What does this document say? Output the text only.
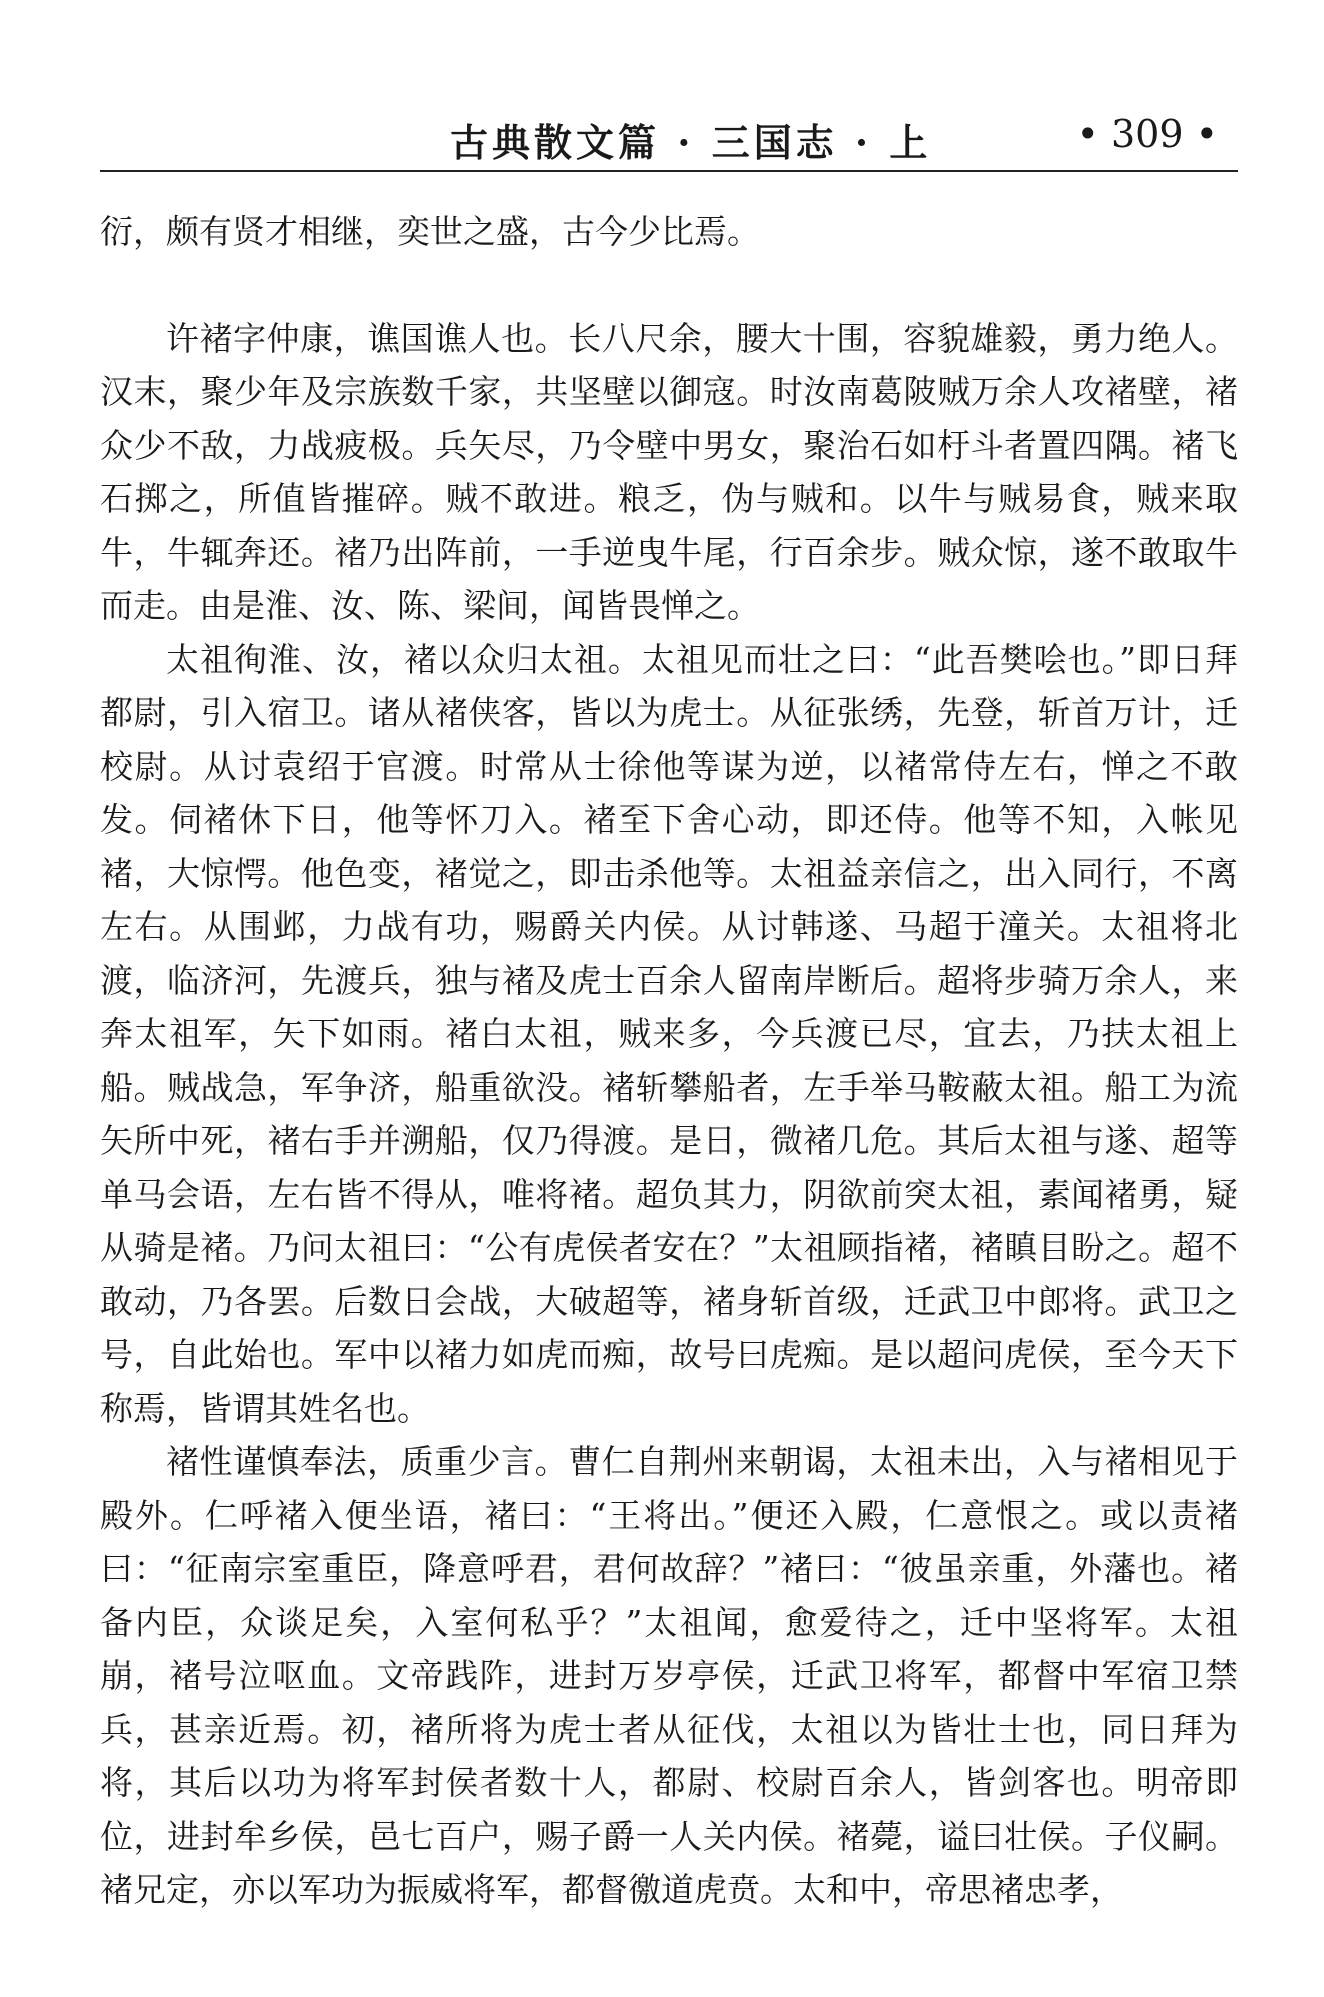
古典散文篇 · 三国志 · 上	• 309 •

衍，颇有贤才相继，奕世之盛，古今少比焉。

许褚字仲康，谯国谯人也。长八尺余，腰大十围，容貌雄毅，勇力绝人。汉末，聚少年及宗族数千家，共坚壁以御寇。时汝南葛陂贼万余人攻褚壁，褚众少不敌，力战疲极。兵矢尽，乃令壁中男女，聚治石如杅斗者置四隅。褚飞石掷之，所值皆摧碎。贼不敢进。粮乏，伪与贼和。以牛与贼易食，贼来取牛，牛辄奔还。褚乃出阵前，一手逆曳牛尾，行百余步。贼众惊，遂不敢取牛而走。由是淮、汝、陈、梁间，闻皆畏惮之。

太祖徇淮、汝，褚以众归太祖。太祖见而壮之曰：“此吾樊哙也。”即日拜都尉，引入宿卫。诸从褚侠客，皆以为虎士。从征张绣，先登，斩首万计，迁校尉。从讨袁绍于官渡。时常从士徐他等谋为逆，以褚常侍左右，惮之不敢发。伺褚休下日，他等怀刀入。褚至下舍心动，即还侍。他等不知，入帐见褚，大惊愕。他色变，褚觉之，即击杀他等。太祖益亲信之，出入同行，不离左右。从围邺，力战有功，赐爵关内侯。从讨韩遂、马超于潼关。太祖将北渡，临济河，先渡兵，独与褚及虎士百余人留南岸断后。超将步骑万余人，来奔太祖军，矢下如雨。褚白太祖，贼来多，今兵渡已尽，宜去，乃扶太祖上船。贼战急，军争济，船重欲没。褚斩攀船者，左手举马鞍蔽太祖。船工为流矢所中死，褚右手并溯船，仅乃得渡。是日，微褚几危。其后太祖与遂、超等单马会语，左右皆不得从，唯将褚。超负其力，阴欲前突太祖，素闻褚勇，疑从骑是褚。乃问太祖曰：“公有虎侯者安在？”太祖顾指褚，褚瞋目盼之。超不敢动，乃各罢。后数日会战，大破超等，褚身斩首级，迁武卫中郎将。武卫之号，自此始也。军中以褚力如虎而痴，故号曰虎痴。是以超问虎侯，至今天下称焉，皆谓其姓名也。

褚性谨慎奉法，质重少言。曹仁自荆州来朝谒，太祖未出，入与褚相见于殿外。仁呼褚入便坐语，褚曰：“王将出。”便还入殿，仁意恨之。或以责褚曰：“征南宗室重臣，降意呼君，君何故辞？”褚曰：“彼虽亲重，外藩也。褚备内臣，众谈足矣，入室何私乎？”太祖闻，愈爱待之，迁中坚将军。太祖崩，褚号泣呕血。文帝践阼，进封万岁亭侯，迁武卫将军，都督中军宿卫禁兵，甚亲近焉。初，褚所将为虎士者从征伐，太祖以为皆壮士也，同日拜为将，其后以功为将军封侯者数十人，都尉、校尉百余人，皆剑客也。明帝即位，进封牟乡侯，邑七百户，赐子爵一人关内侯。褚薨，谥曰壮侯。子仪嗣。褚兄定，亦以军功为振威将军，都督徼道虎贲。太和中，帝思褚忠孝，
